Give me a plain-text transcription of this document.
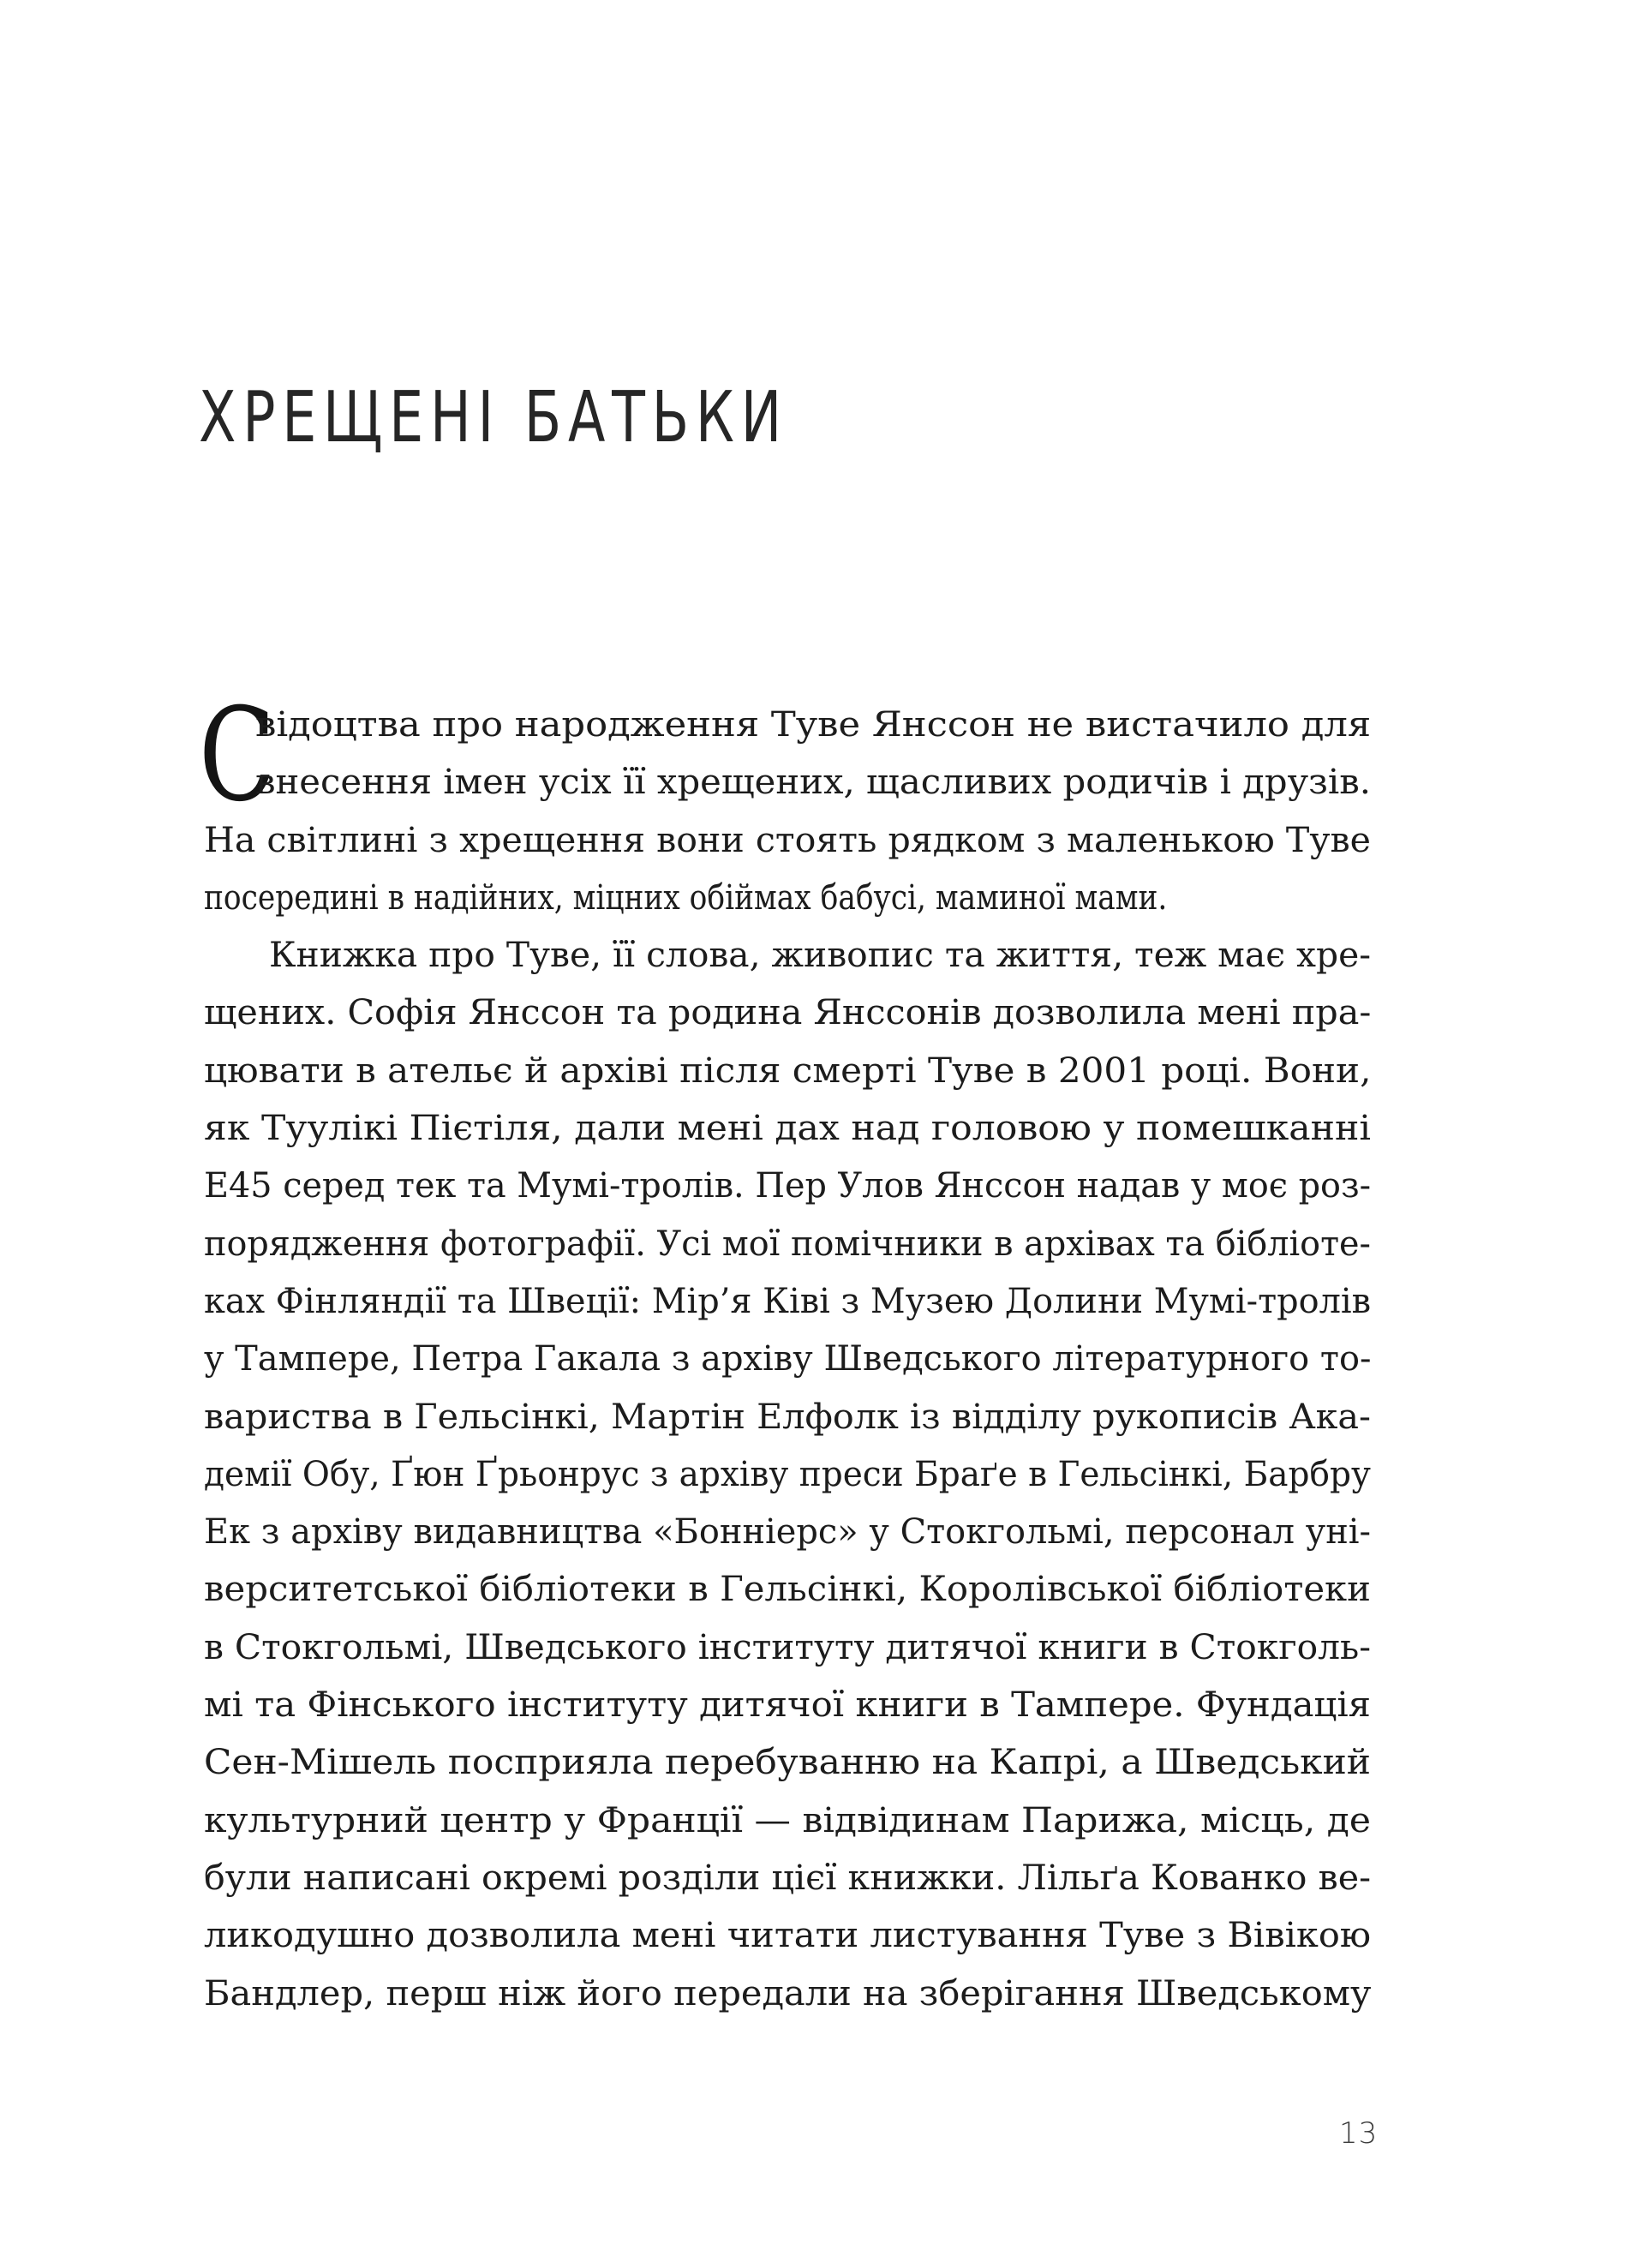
ХРЕЩЕНІ БАТЬКИ
С
відоцтва про народження Туве Янссон не вистачило для
внесення імен усіх її хрещених, щасливих родичів і друзів.
На світлині з хрещення вони стоять рядком з маленькою Туве
посередині в надійних, міцних обіймах бабусі, маминої мами.
Книжка про Туве, її слова, живопис та життя, теж має хре-
щених. Софія Янссон та родина Янссонів дозволила мені пра-
цювати в ательє й архіві після смерті Туве в 2001 році. Вони,
як Туулікі Пієтіля, дали мені дах над головою у помешканні
E45 серед тек та Мумі-тролів. Пер Улов Янссон надав у моє роз-
порядження фотографії. Усі мої помічники в архівах та бібліоте-
ках Фінляндії та Швеції: Мір’я Ківі з Музею Долини Мумі-тролів
у Тампере, Петра Гакала з архіву Шведського літературного то-
вариства в Гельсінкі, Мартін Елфолк із відділу рукописів Ака-
демії Обу, Ґюн Ґрьонрус з архіву преси Браґе в Гельсінкі, Барбру
Ек з архіву видавництва «Бонніерс» у Стокгольмі, персонал уні-
верситетської бібліотеки в Гельсінкі, Королівської бібліотеки
в Стокгольмі, Шведського інституту дитячої книги в Стокголь-
мі та Фінського інституту дитячої книги в Тампере. Фундація
Сен-Мішель посприяла перебуванню на Капрі, а Шведський
культурний центр у Франції — відвідинам Парижа, місць, де
були написані окремі розділи цієї книжки. Лільґа Кованко ве-
ликодушно дозволила мені читати листування Туве з Вівікою
Бандлер, перш ніж його передали на зберігання Шведському
13
